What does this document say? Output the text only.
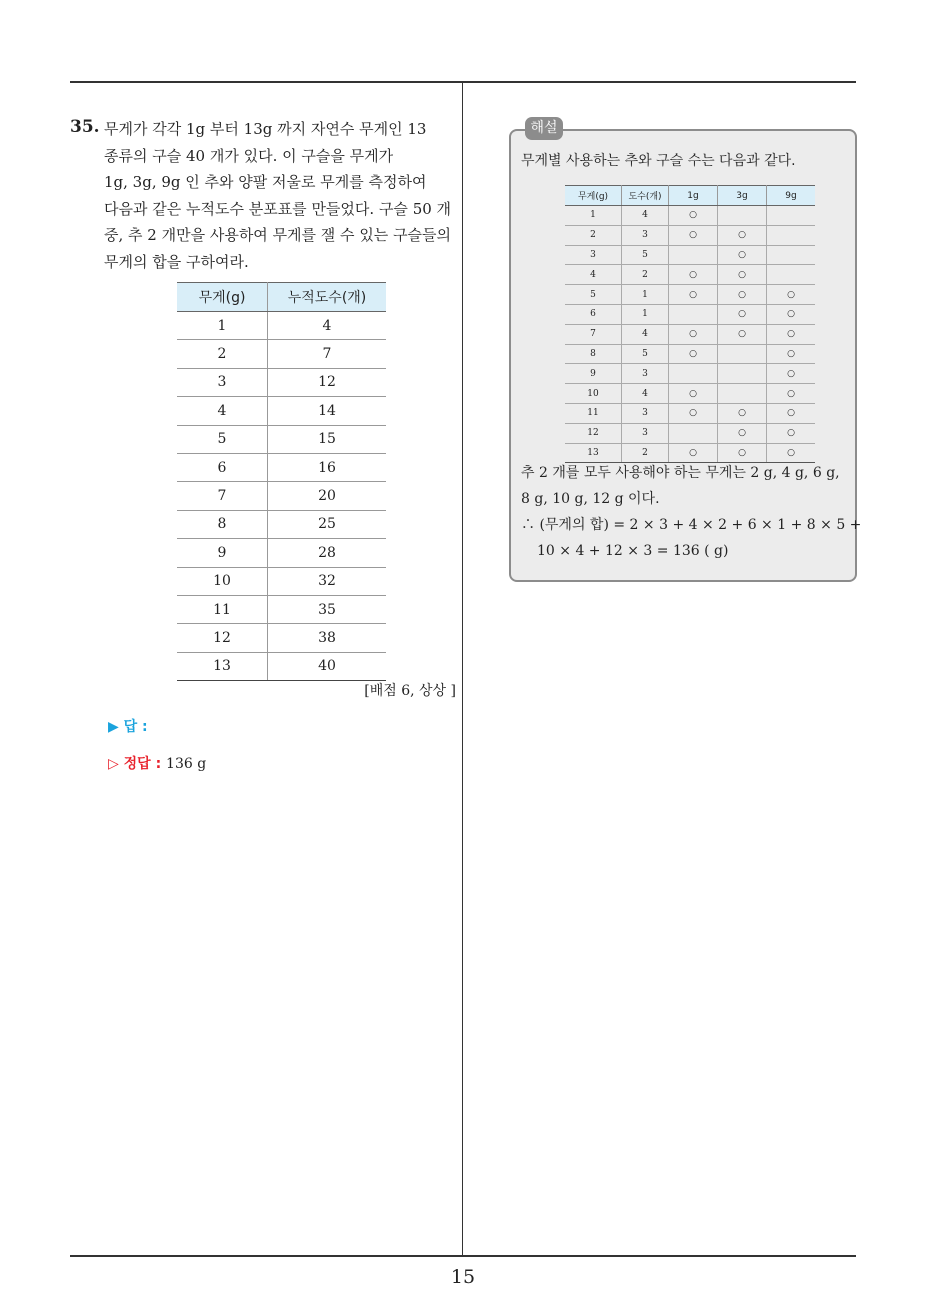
35. 무게가 각각 1g 부터 13g 까지 자연수 무게인 13
종류의 구슬 40 개가 있다. 이 구슬을 무게가
1g, 3g, 9g 인 추와 양팔 저울로 무게를 측정하여
다음과 같은 누적도수 분포표를 만들었다. 구슬 50 개
중, 추 2 개만을 사용하여 무게를 잴 수 있는 구슬들의
무게의 합을 구하여라.
무게(g)	누적도수(개)
1	4
2	7
3	12
4	14
5	15
6	16
7	20
8	25
9	28
10	32
11	35
12	38
13	40
[배점 6, 상상 ]
▶ 답 :
▷ 정답 : 136 g
해설
무게별 사용하는 추와 구슬 수는 다음과 같다.
무게(g)	도수(개)	1g	3g	9g
1	4	○		
2	3	○	○	
3	5		○	
4	2	○	○	
5	1	○	○	○
6	1		○	○
7	4	○	○	○
8	5	○		○
9	3			○
10	4	○		○
11	3	○	○	○
12	3		○	○
13	2	○	○	○
추 2 개를 모두 사용해야 하는 무게는 2 g, 4 g, 6 g,
8 g, 10 g, 12 g 이다.
∴ (무게의 합) = 2 × 3 + 4 × 2 + 6 × 1 + 8 × 5 +
10 × 4 + 12 × 3 = 136 ( g)
15
